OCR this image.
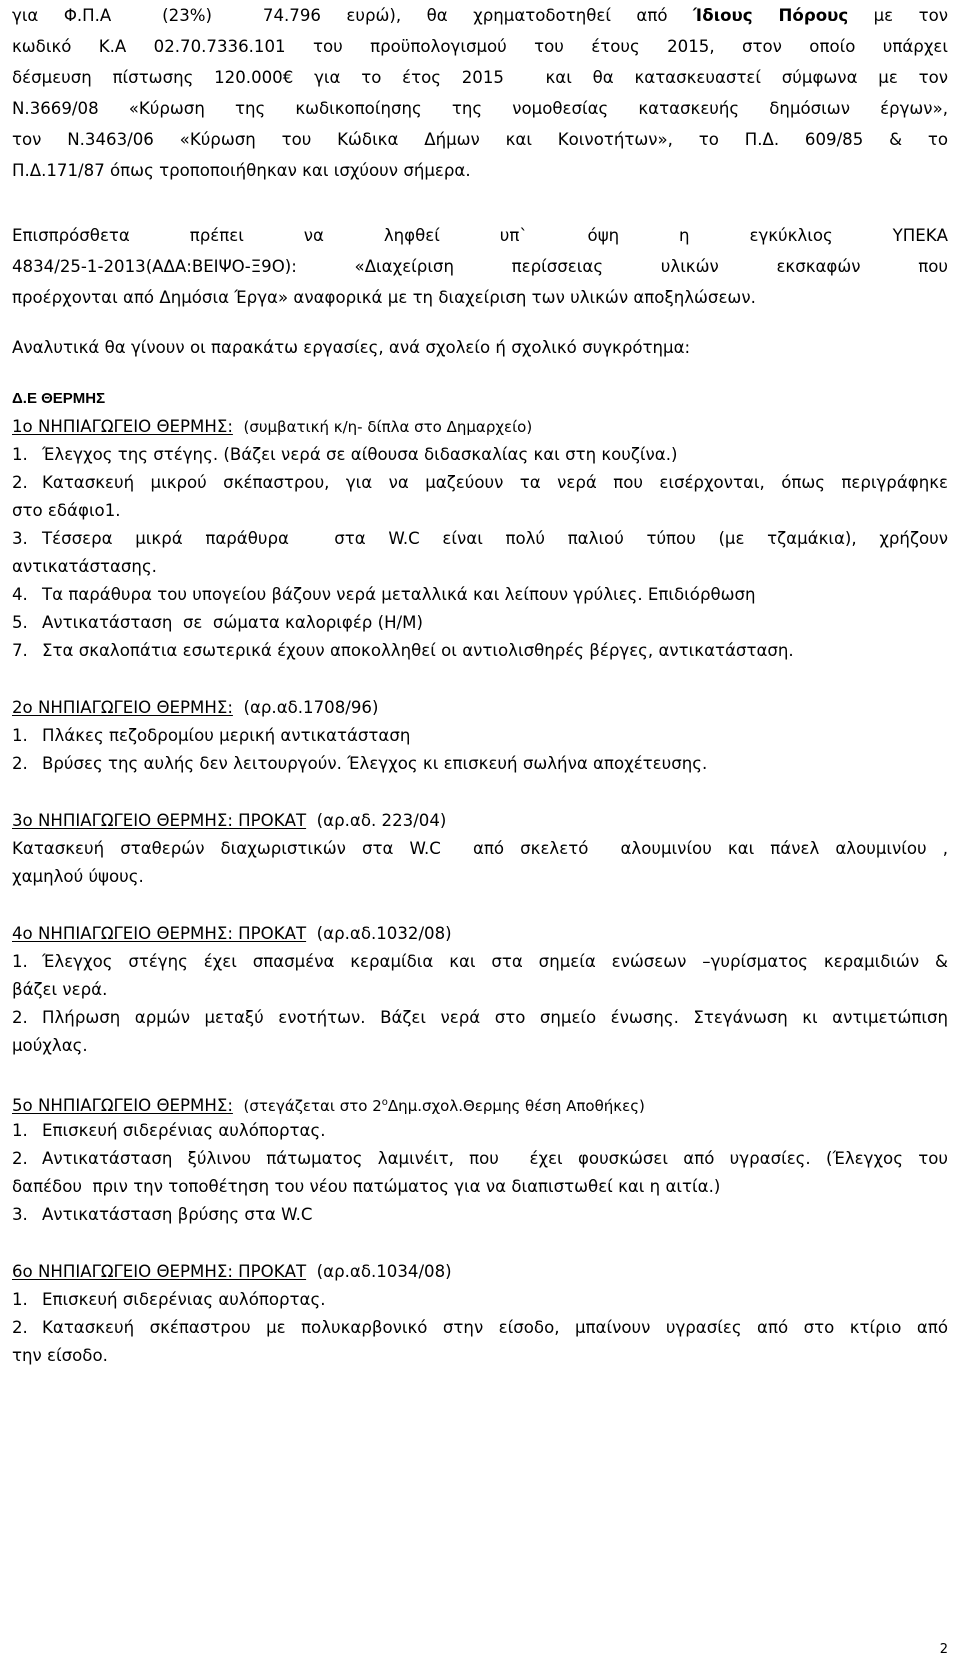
για Φ.Π.Α  (23%)  74.796 ευρώ), θα χρηματοδοτηθεί από Ίδιους Πόρους με τον
κωδικό Κ.Α 02.70.7336.101 του προϋπολογισμού του έτους 2015, στον οποίο υπάρχει
δέσμευση πίστωσης 120.000€ για το έτος 2015  και θα κατασκευαστεί σύμφωνα με τον
Ν.3669/08 «Κύρωση της κωδικοποίησης της νομοθεσίας κατασκευής δημόσιων έργων»,
τον Ν.3463/06 «Κύρωση του Κώδικα Δήμων και Κοινοτήτων», το Π.Δ. 609/85 & το
Π.Δ.171/87 όπως τροποποιήθηκαν και ισχύουν σήμερα.
Επισπρόσθετα πρέπει να ληφθεί υπ` όψη η εγκύκλιος ΥΠΕΚΑ
4834/25-1-2013(ΑΔΑ:ΒΕΙΨΟ-Ξ9Ο): «Διαχείριση περίσσειας υλικών εκσκαφών που
προέρχονται από Δημόσια Έργα» αναφορικά με τη διαχείριση των υλικών αποξηλώσεων.
Αναλυτικά θα γίνουν οι παρακάτω εργασίες, ανά σχολείο ή σχολικό συγκρότημα:
Δ.Ε ΘΕΡΜΗΣ
1ο ΝΗΠΙΑΓΩΓΕΙΟ ΘΕΡΜΗΣ: (συμβατική κ/η- δίπλα στο Δημαρχείο)
1. Έλεγχος της στέγης. (Βάζει νερά σε αίθουσα διδασκαλίας και στη κουζίνα.)
2. Κατασκευή μικρού σκέπαστρου, για να μαζεύουν τα νερά που εισέρχονται, όπως περιγράφηκε
στο εδάφιο1.
3. Τέσσερα μικρά παράθυρα  στα W.C είναι πολύ παλιού τύπου (με τζαμάκια), χρήζουν
αντικατάστασης.
4. Τα παράθυρα του υπογείου βάζουν νερά μεταλλικά και λείπουν γρύλιες. Επιδιόρθωση
5. Αντικατάσταση  σε  σώματα καλοριφέρ (Η/Μ)
7. Στα σκαλοπάτια εσωτερικά έχουν αποκολληθεί οι αντιολισθηρές βέργες, αντικατάσταση.
2ο ΝΗΠΙΑΓΩΓΕΙΟ ΘΕΡΜΗΣ: (αρ.αδ.1708/96)
1. Πλάκες πεζοδρομίου μερική αντικατάσταση
2. Βρύσες της αυλής δεν λειτουργούν. Έλεγχος κι επισκευή σωλήνα αποχέτευσης.
3ο ΝΗΠΙΑΓΩΓΕΙΟ ΘΕΡΜΗΣ: ΠΡΟΚΑΤ (αρ.αδ. 223/04)
Κατασκευή σταθερών διαχωριστικών στα W.C  από σκελετό  αλουμινίου και πάνελ αλουμινίου ,
χαμηλού ύψους.
4ο ΝΗΠΙΑΓΩΓΕΙΟ ΘΕΡΜΗΣ: ΠΡΟΚΑΤ (αρ.αδ.1032/08)
1. Έλεγχος στέγης έχει σπασμένα κεραμίδια και στα σημεία ενώσεων –γυρίσματος κεραμιδιών &
βάζει νερά.
2. Πλήρωση αρμών μεταξύ ενοτήτων. Βάζει νερά στο σημείο ένωσης. Στεγάνωση κι αντιμετώπιση
μούχλας.
5ο ΝΗΠΙΑΓΩΓΕΙΟ ΘΕΡΜΗΣ: (στεγάζεται στο $2^o\Delta\eta\mu.\sigma\chi o\lambda.\Theta\varepsilon\rho\mu\eta\varsigma$ θέση Αποθήκες)
1. Επισκευή σιδερένιας αυλόπορτας.
2. Αντικατάσταση ξύλινου πάτωματος λαμινέιτ, που  έχει φουσκώσει από υγρασίες. (Έλεγχος του
δαπέδου  πριν την τοποθέτηση του νέου πατώματος για να διαπιστωθεί και η αιτία.)
3. Αντικατάσταση βρύσης στα W.C
6ο ΝΗΠΙΑΓΩΓΕΙΟ ΘΕΡΜΗΣ: ΠΡΟΚΑΤ (αρ.αδ.1034/08)
1. Επισκευή σιδερένιας αυλόπορτας.
2. Κατασκευή σκέπαστρου με πολυκαρβονικό στην είσοδο, μπαίνουν υγρασίες από στο κτίριο από
την είσοδο.
2
